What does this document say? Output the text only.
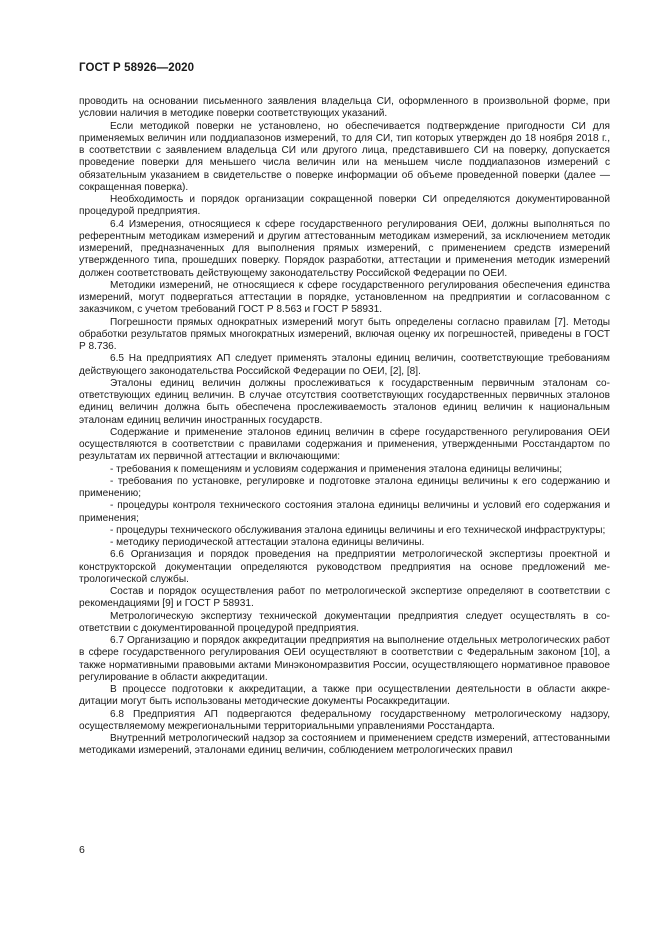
ГОСТ Р 58926—2020

проводить на основании письменного заявления владельца СИ, оформленного в произвольной форме, при условии наличия в методике поверки соответствующих указаний.

Если методикой поверки не установлено, но обеспечивается подтверждение пригодности СИ для применяемых величин или поддиапазонов измерений, то для СИ, тип которых утвержден до 18 ноября 2018 г., в соответствии с заявлением владельца СИ или другого лица, представившего СИ на поверку, допускается проведение поверки для меньшего числа величин или на меньшем числе поддиапазонов измерений с обязательным указанием в свидетельстве о поверке информации об объеме проведенной поверки (далее — сокращенная поверка).

Необходимость и порядок организации сокращенной поверки СИ определяются документированной процедурой предприятия.

6.4 Измерения, относящиеся к сфере государственного регулирования ОЕИ, должны выполняться по референтным методикам измерений и другим аттестованным методикам измерений, за исключением методик измерений, предназначенных для выполнения прямых измерений, с применением средств измерений утвержденного типа, прошедших поверку. Порядок разработки, аттестации и применения методик измерений должен соответствовать действующему законодательству Российской Федерации по ОЕИ.

Методики измерений, не относящиеся к сфере государственного регулирования обеспечения единства измерений, могут подвергаться аттестации в порядке, установленном на предприятии и согласованном с заказчиком, с учетом требований ГОСТ Р 8.563 и ГОСТ Р 58931.

Погрешности прямых однократных измерений могут быть определены согласно правилам [7]. Методы обработки результатов прямых многократных измерений, включая оценку их погрешностей, приведены в ГОСТ Р 8.736.

6.5 На предприятиях АП следует применять эталоны единиц величин, соответствующие требованиям действующего законодательства Российской Федерации по ОЕИ, [2], [8].

Эталоны единиц величин должны прослеживаться к государственным первичным эталонам соответствующих единиц величин. В случае отсутствия соответствующих государственных первичных эталонов единиц величин должна быть обеспечена прослеживаемость эталонов единиц величин к национальным эталонам единиц величин иностранных государств.

Содержание и применение эталонов единиц величин в сфере государственного регулирования ОЕИ осуществляются в соответствии с правилами содержания и применения, утвержденными Росстандартом по результатам их первичной аттестации и включающими:

- требования к помещениям и условиям содержания и применения эталона единицы величины;

- требования по установке, регулировке и подготовке эталона единицы величины к его содержанию и применению;

- процедуры контроля технического состояния эталона единицы величины и условий его содержания и применения;

- процедуры технического обслуживания эталона единицы величины и его технической инфраструктуры;

- методику периодической аттестации эталона единицы величины.

6.6 Организация и порядок проведения на предприятии метрологической экспертизы проектной и конструкторской документации определяются руководством предприятия на основе предложений метрологической службы.

Состав и порядок осуществления работ по метрологической экспертизе определяют в соответствии с рекомендациями [9] и ГОСТ Р 58931.

Метрологическую экспертизу технической документации предприятия следует осуществлять в соответствии с документированной процедурой предприятия.

6.7 Организацию и порядок аккредитации предприятия на выполнение отдельных метрологических работ в сфере государственного регулирования ОЕИ осуществляют в соответствии с Федеральным законом [10], а также нормативными правовыми актами Минэкономразвития России, осуществляющего нормативное правовое регулирование в области аккредитации.

В процессе подготовки к аккредитации, а также при осуществлении деятельности в области аккредитации могут быть использованы методические документы Росаккредитации.

6.8 Предприятия АП подвергаются федеральному государственному метрологическому надзору, осуществляемому межрегиональными территориальными управлениями Росстандарта.

Внутренний метрологический надзор за состоянием и применением средств измерений, аттестованными методиками измерений, эталонами единиц величин, соблюдением метрологических правил

6
